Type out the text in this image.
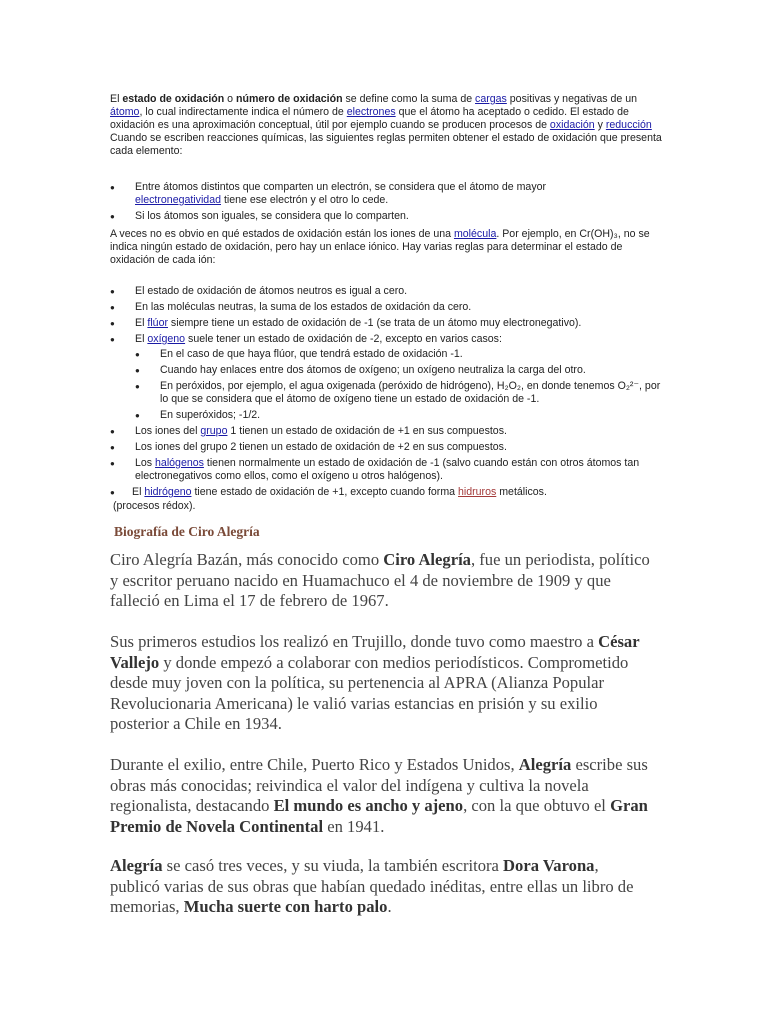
El estado de oxidación o número de oxidación se define como la suma de cargas positivas y negativas de un átomo, lo cual indirectamente indica el número de electrones que el átomo ha aceptado o cedido. El estado de oxidación es una aproximación conceptual, útil por ejemplo cuando se producen procesos de oxidación y reducción Cuando se escriben reacciones químicas, las siguientes reglas permiten obtener el estado de oxidación que presenta cada elemento:

● Entre átomos distintos que comparten un electrón, se considera que el átomo de mayor electronegatividad tiene ese electrón y el otro lo cede.
● Si los átomos son iguales, se considera que lo comparten.

A veces no es obvio en qué estados de oxidación están los iones de una molécula. Por ejemplo, en Cr(OH)₃, no se indica ningún estado de oxidación, pero hay un enlace iónico. Hay varias reglas para determinar el estado de oxidación de cada ión:

● El estado de oxidación de átomos neutros es igual a cero.
● En las moléculas neutras, la suma de los estados de oxidación da cero.
● El flúor siempre tiene un estado de oxidación de -1 (se trata de un átomo muy electronegativo).
● El oxígeno suele tener un estado de oxidación de -2, excepto en varios casos:
● En el caso de que haya flúor, que tendrá estado de oxidación -1.
● Cuando hay enlaces entre dos átomos de oxígeno; un oxígeno neutraliza la carga del otro.
● En peróxidos, por ejemplo, el agua oxigenada (peróxido de hidrógeno), H₂O₂, en donde tenemos O₂²⁻, por lo que se considera que el átomo de oxígeno tiene un estado de oxidación de -1.
● En superóxidos; -1/2.
● Los iones del grupo 1 tienen un estado de oxidación de +1 en sus compuestos.
● Los iones del grupo 2 tienen un estado de oxidación de +2 en sus compuestos.
● Los halógenos tienen normalmente un estado de oxidación de -1 (salvo cuando están con otros átomos tan electronegativos como ellos, como el oxígeno u otros halógenos).
● El hidrógeno tiene estado de oxidación de +1, excepto cuando forma hidruros metálicos.
(procesos rédox).
Biografía de Ciro Alegría

Ciro Alegría Bazán, más conocido como Ciro Alegría, fue un periodista, político y escritor peruano nacido en Huamachuco el 4 de noviembre de 1909 y que falleció en Lima el 17 de febrero de 1967.

Sus primeros estudios los realizó en Trujillo, donde tuvo como maestro a César Vallejo y donde empezó a colaborar con medios periodísticos. Comprometido desde muy joven con la política, su pertenencia al APRA (Alianza Popular Revolucionaria Americana) le valió varias estancias en prisión y su exilio posterior a Chile en 1934.

Durante el exilio, entre Chile, Puerto Rico y Estados Unidos, Alegría escribe sus obras más conocidas; reivindica el valor del indígena y cultiva la novela regionalista, destacando El mundo es ancho y ajeno, con la que obtuvo el Gran Premio de Novela Continental en 1941.

Alegría se casó tres veces, y su viuda, la también escritora Dora Varona, publicó varias de sus obras que habían quedado inéditas, entre ellas un libro de memorias, Mucha suerte con harto palo.
